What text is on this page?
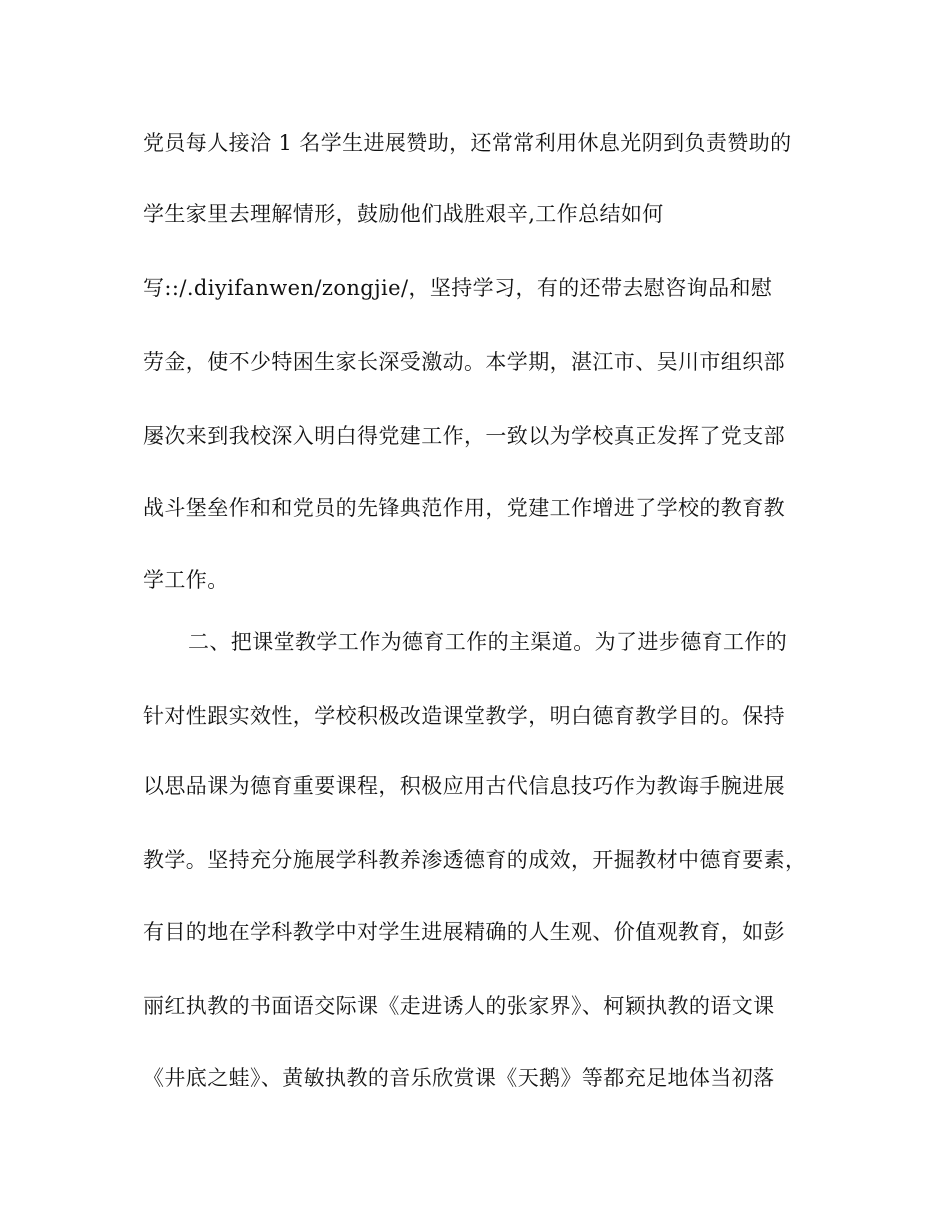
党员每人接洽 1 名学生进展赞助，还常常利用休息光阴到负责赞助的

学生家里去理解情形，鼓励他们战胜艰辛,工作总结如何

写::/.diyifanwen/zongjie/，坚持学习，有的还带去慰咨询品和慰

劳金，使不少特困生家长深受激动。本学期，湛江市、吴川市组织部

屡次来到我校深入明白得党建工作，一致以为学校真正发挥了党支部

战斗堡垒作和和党员的先锋典范作用，党建工作增进了学校的教育教

学工作。

二、把课堂教学工作为德育工作的主渠道。为了进步德育工作的

针对性跟实效性，学校积极改造课堂教学，明白德育教学目的。保持

以思品课为德育重要课程，积极应用古代信息技巧作为教诲手腕进展

教学。坚持充分施展学科教养渗透德育的成效，开掘教材中德育要素，

有目的地在学科教学中对学生进展精确的人生观、价值观教育，如彭

丽红执教的书面语交际课《走进诱人的张家界》、柯颖执教的语文课

《井底之蛙》、黄敏执教的音乐欣赏课《天鹅》等都充足地体当初落
